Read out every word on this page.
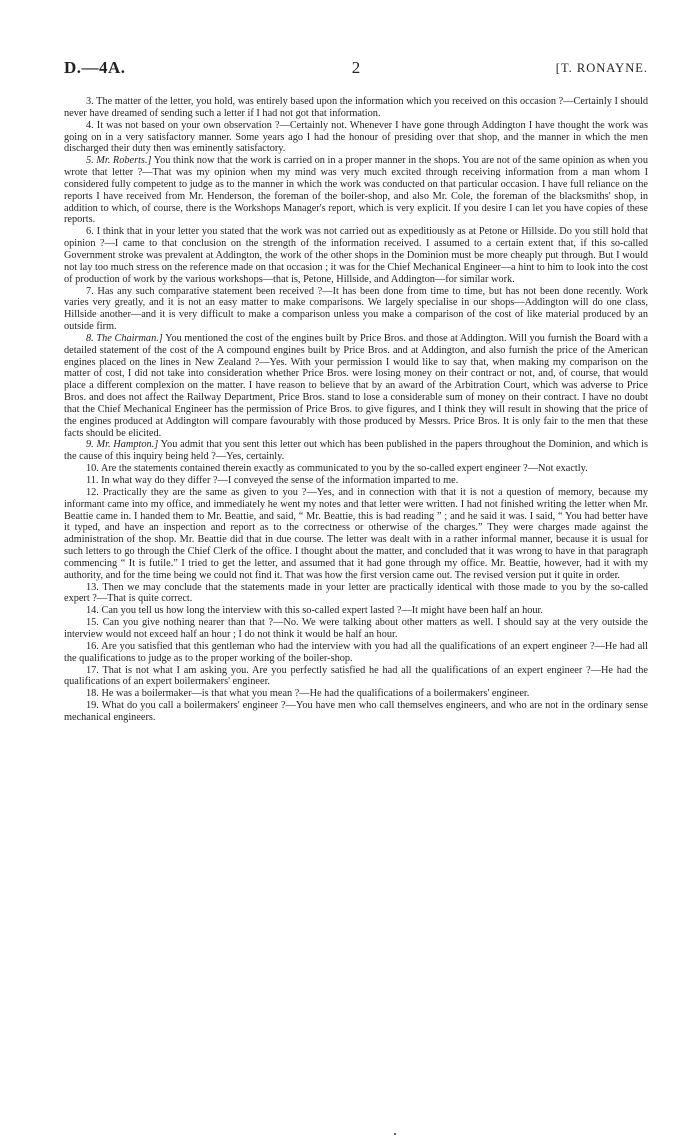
D.—4A.	2	[T. RONAYNE.

3. The matter of the letter, you hold, was entirely based upon the information which you received on this occasion ?—Certainly I should never have dreamed of sending such a letter if I had not got that information.

4. It was not based on your own observation ?—Certainly not. Whenever I have gone through Addington I have thought the work was going on in a very satisfactory manner. Some years ago I had the honour of presiding over that shop, and the manner in which the men discharged their duty then was eminently satisfactory.

5. Mr. Roberts.] You think now that the work is carried on in a proper manner in the shops. You are not of the same opinion as when you wrote that letter ?—That was my opinion when my mind was very much excited through receiving information from a man whom I considered fully competent to judge as to the manner in which the work was conducted on that particular occasion. I have full reliance on the reports I have received from Mr. Henderson, the foreman of the boiler-shop, and also Mr. Cole, the foreman of the blacksmiths' shop, in addition to which, of course, there is the Workshops Manager's report, which is very explicit. If you desire I can let you have copies of these reports.

6. I think that in your letter you stated that the work was not carried out as expeditiously as at Petone or Hillside. Do you still hold that opinion ?—I came to that conclusion on the strength of the information received. I assumed to a certain extent that, if this so-called Government stroke was prevalent at Addington, the work of the other shops in the Dominion must be more cheaply put through. But I would not lay too much stress on the reference made on that occasion ; it was for the Chief Mechanical Engineer—a hint to him to look into the cost of production of work by the various workshops—that is, Petone, Hillside, and Addington—for similar work.

7. Has any such comparative statement been received ?—It has been done from time to time, but has not been done recently. Work varies very greatly, and it is not an easy matter to make comparisons. We largely specialise in our shops—Addington will do one class, Hillside another—and it is very difficult to make a comparison unless you make a comparison of the cost of like material produced by an outside firm.

8. The Chairman.] You mentioned the cost of the engines built by Price Bros. and those at Addington. Will you furnish the Board with a detailed statement of the cost of the A compound engines built by Price Bros. and at Addington, and also furnish the price of the American engines placed on the lines in New Zealand ?—Yes. With your permission I would like to say that, when making my comparison on the matter of cost, I did not take into consideration whether Price Bros. were losing money on their contract or not, and, of course, that would place a different complexion on the matter. I have reason to believe that by an award of the Arbitration Court, which was adverse to Price Bros. and does not affect the Railway Department, Price Bros. stand to lose a considerable sum of money on their contract. I have no doubt that the Chief Mechanical Engineer has the permission of Price Bros. to give figures, and I think they will result in showing that the price of the engines produced at Addington will compare favourably with those produced by Messrs. Price Bros. It is only fair to the men that these facts should be elicited.

9. Mr. Hampton.] You admit that you sent this letter out which has been published in the papers throughout the Dominion, and which is the cause of this inquiry being held ?—Yes, certainly.

10. Are the statements contained therein exactly as communicated to you by the so-called expert engineer ?—Not exactly.

11. In what way do they differ ?—I conveyed the sense of the information imparted to me.

12. Practically they are the same as given to you ?—Yes, and in connection with that it is not a question of memory, because my informant came into my office, and immediately he went my notes and that letter were written. I had not finished writing the letter when Mr. Beattie came in. I handed them to Mr. Beattie, and said, “ Mr. Beattie, this is bad reading ” ; and he said it was. I said, “ You had better have it typed, and have an inspection and report as to the correctness or otherwise of the charges.” They were charges made against the administration of the shop. Mr. Beattie did that in due course. The letter was dealt with in a rather informal manner, because it is usual for such letters to go through the Chief Clerk of the office. I thought about the matter, and concluded that it was wrong to have in that paragraph commencing “ It is futile.” I tried to get the letter, and assumed that it had gone through my office. Mr. Beattie, however, had it with my authority, and for the time being we could not find it. That was how the first version came out. The revised version put it quite in order.

13. Then we may conclude that the statements made in your letter are practically identical with those made to you by the so-called expert ?—That is quite correct.

14. Can you tell us how long the interview with this so-called expert lasted ?—It might have been half an hour.

15. Can you give nothing nearer than that ?—No. We were talking about other matters as well. I should say at the very outside the interview would not exceed half an hour ; I do not think it would be half an hour.

16. Are you satisfied that this gentleman who had the interview with you had all the qualifications of an expert engineer ?—He had all the qualifications to judge as to the proper working of the boiler-shop.

17. That is not what I am asking you. Are you perfectly satisfied he had all the qualifications of an expert engineer ?—He had the qualifications of an expert boilermakers' engineer.

18. He was a boilermaker—is that what you mean ?—He had the qualifications of a boilermakers' engineer.

19. What do you call a boilermakers' engineer ?—You have men who call themselves engineers, and who are not in the ordinary sense mechanical engineers.
